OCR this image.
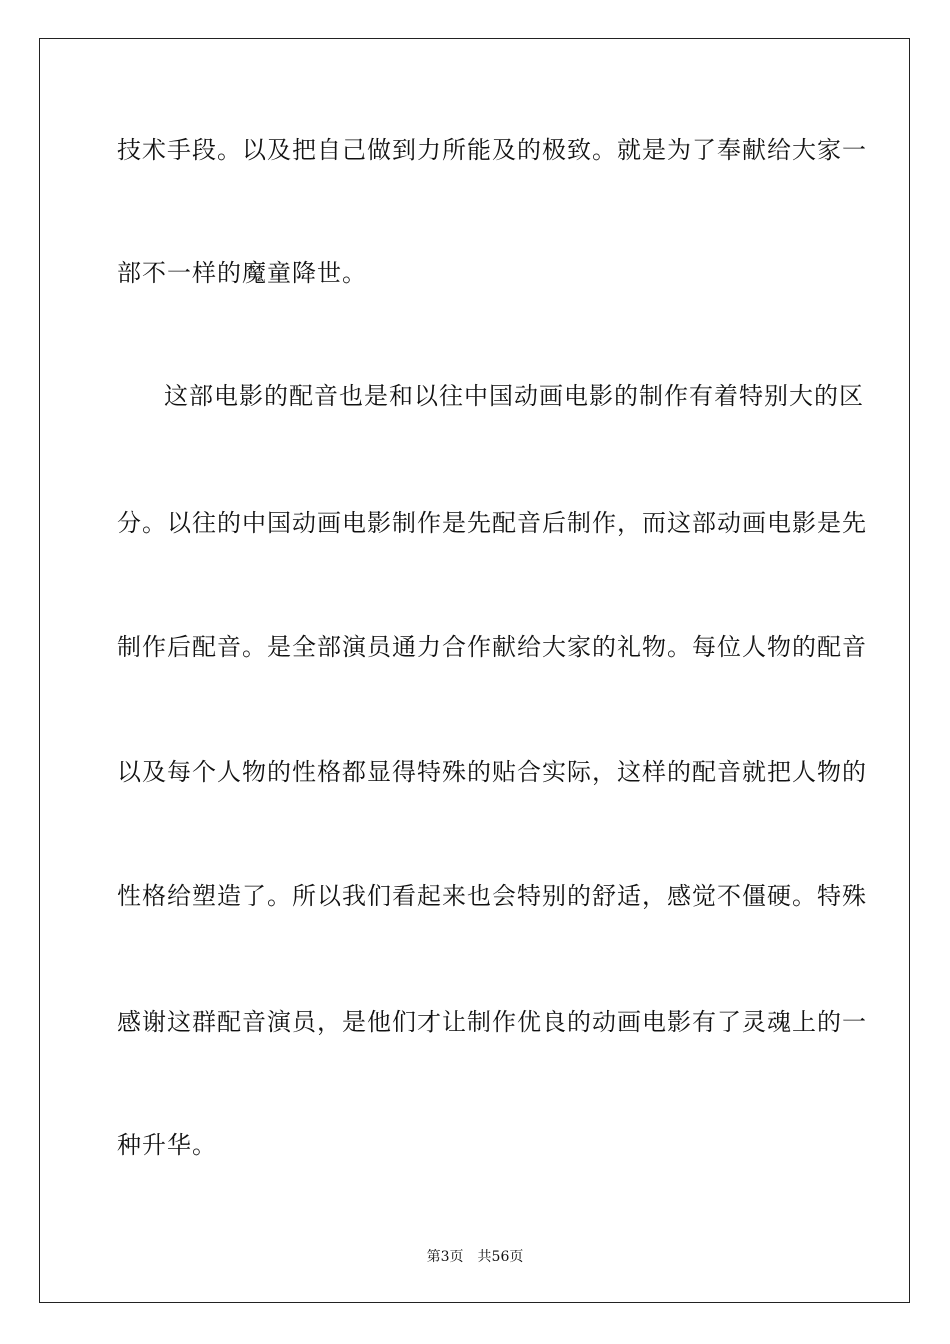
技术手段。以及把自己做到力所能及的极致。就是为了奉献给大家一
部不一样的魔童降世。
这部电影的配音也是和以往中国动画电影的制作有着特别大的区
分。以往的中国动画电影制作是先配音后制作，而这部动画电影是先
制作后配音。是全部演员通力合作献给大家的礼物。每位人物的配音
以及每个人物的性格都显得特殊的贴合实际，这样的配音就把人物的
性格给塑造了。所以我们看起来也会特别的舒适，感觉不僵硬。特殊
感谢这群配音演员，是他们才让制作优良的动画电影有了灵魂上的一
种升华。
第3页 共56页
